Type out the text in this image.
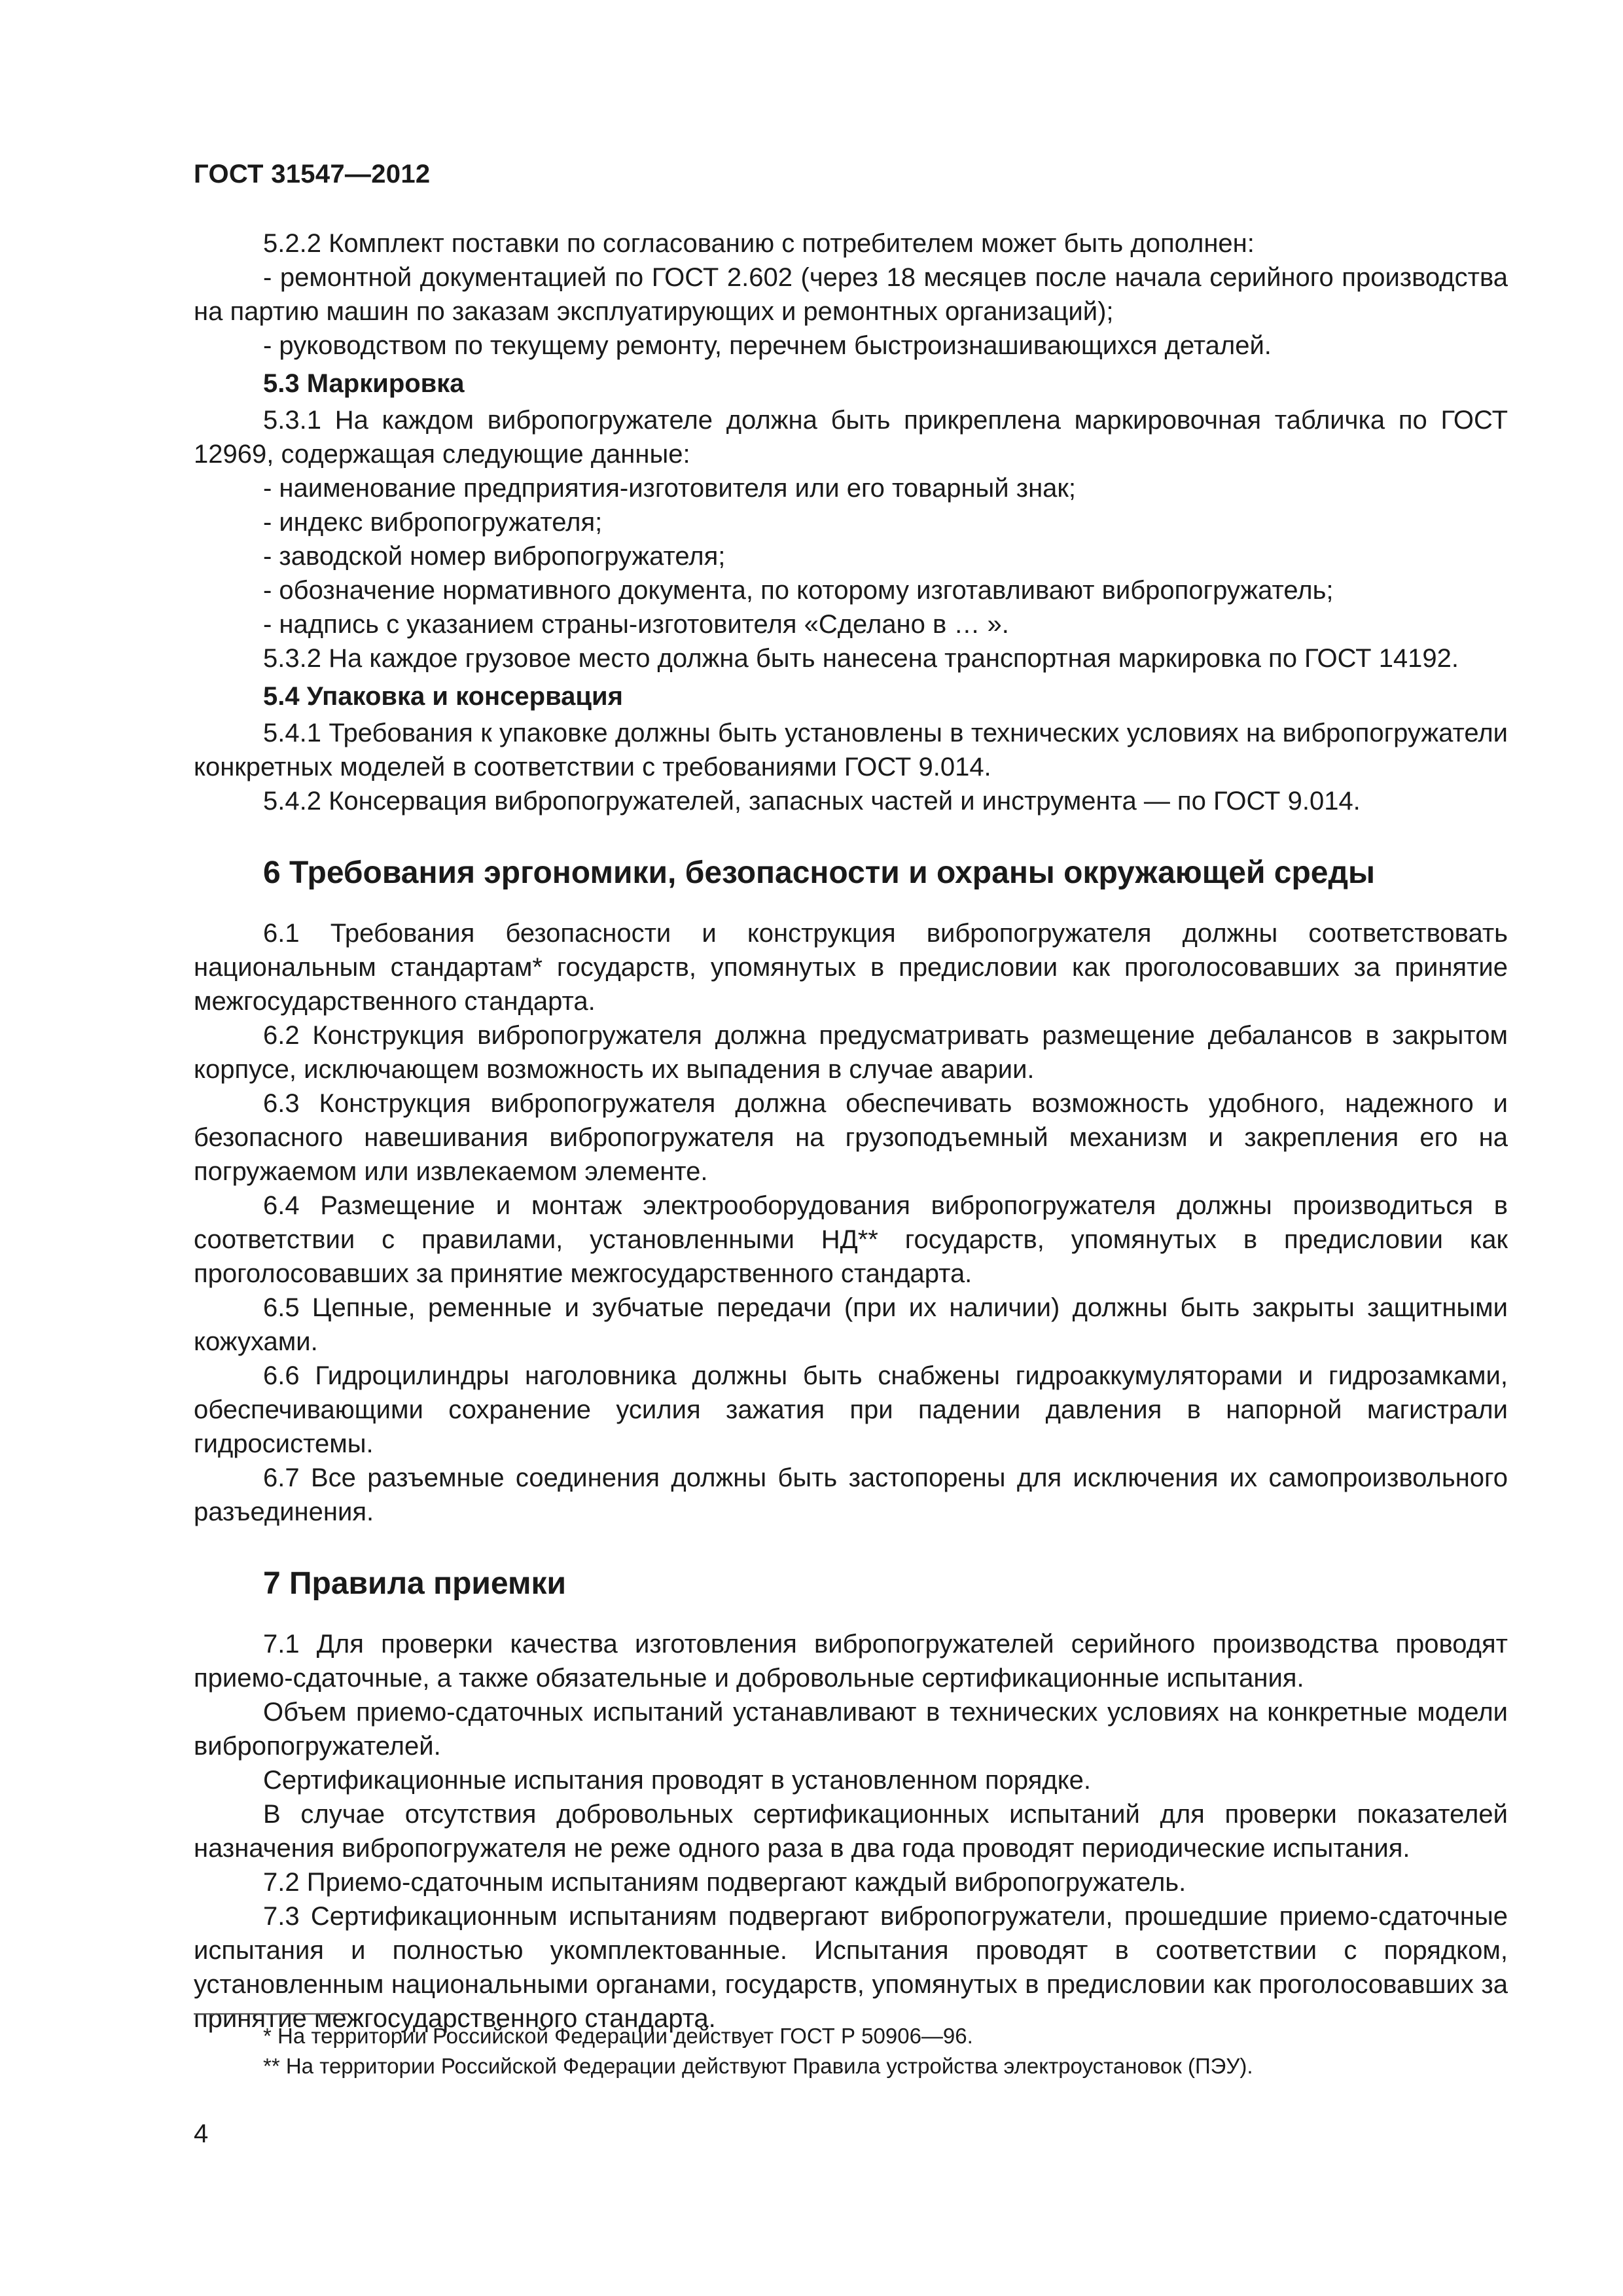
ГОСТ 31547—2012

5.2.2 Комплект поставки по согласованию с потребителем может быть дополнен:

- ремонтной документацией по ГОСТ 2.602 (через 18 месяцев после начала серийного производства на партию машин по заказам эксплуатирующих и ремонтных организаций);

- руководством по текущему ремонту, перечнем быстроизнашивающихся деталей.

5.3 Маркировка

5.3.1 На каждом вибропогружателе должна быть прикреплена маркировочная табличка по ГОСТ 12969, содержащая следующие данные:

- наименование предприятия-изготовителя или его товарный знак;

- индекс вибропогружателя;

- заводской номер вибропогружателя;

- обозначение нормативного документа, по которому изготавливают вибропогружатель;

- надпись с указанием страны-изготовителя «Сделано в … ».

5.3.2 На каждое грузовое место должна быть нанесена транспортная маркировка по ГОСТ 14192.

5.4 Упаковка и консервация

5.4.1 Требования к упаковке должны быть установлены в технических условиях на вибропогружатели конкретных моделей в соответствии с требованиями ГОСТ 9.014.

5.4.2 Консервация вибропогружателей, запасных частей и инструмента — по ГОСТ 9.014.

6 Требования эргономики, безопасности и охраны окружающей среды

6.1 Требования безопасности и конструкция вибропогружателя должны соответствовать национальным стандартам* государств, упомянутых в предисловии как проголосовавших за принятие межгосударственного стандарта.

6.2 Конструкция вибропогружателя должна предусматривать размещение дебалансов в закрытом корпусе, исключающем возможность их выпадения в случае аварии.

6.3 Конструкция вибропогружателя должна обеспечивать возможность удобного, надежного и безопасного навешивания вибропогружателя на грузоподъемный механизм и закрепления его на погружаемом или извлекаемом элементе.

6.4 Размещение и монтаж электрооборудования вибропогружателя должны производиться в соответствии с правилами, установленными НД** государств, упомянутых в предисловии как проголосовавших за принятие межгосударственного стандарта.

6.5 Цепные, ременные и зубчатые передачи (при их наличии) должны быть закрыты защитными кожухами.

6.6 Гидроцилиндры наголовника должны быть снабжены гидроаккумуляторами и гидрозамками, обеспечивающими сохранение усилия зажатия при падении давления в напорной магистрали гидросистемы.

6.7 Все разъемные соединения должны быть застопорены для исключения их самопроизвольного разъединения.

7 Правила приемки

7.1 Для проверки качества изготовления вибропогружателей серийного производства проводят приемо-сдаточные, а также обязательные и добровольные сертификационные испытания.

Объем приемо-сдаточных испытаний устанавливают в технических условиях на конкретные модели вибропогружателей.

Сертификационные испытания проводят в установленном порядке.

В случае отсутствия добровольных сертификационных испытаний для проверки показателей назначения вибропогружателя не реже одного раза в два года проводят периодические испытания.

7.2 Приемо-сдаточным испытаниям подвергают каждый вибропогружатель.

7.3 Сертификационным испытаниям подвергают вибропогружатели, прошедшие приемо-сдаточные испытания и полностью укомплектованные. Испытания проводят в соответствии с порядком, установленным национальными органами, государств, упомянутых в предисловии как проголосовавших за принятие межгосударственного стандарта.

* На территории Российской Федерации действует ГОСТ Р 50906—96.

** На территории Российской Федерации действуют Правила устройства электроустановок (ПЭУ).

4
